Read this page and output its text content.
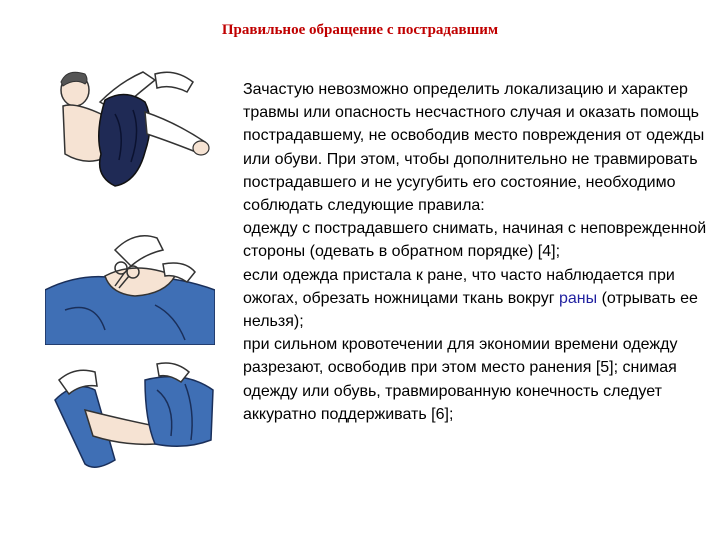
Правильное обращение с пострадавшим

Зачастую невозможно определить локализацию и характер травмы или опасность несчастного случая и оказать помощь пострадавшему, не освободив место повреждения от одежды или обуви. При этом, чтобы дополнительно не травмировать пострадавшего и не усугубить его состояние, необходимо соблюдать следующие правила:

одежду с пострадавшего снимать, начиная с неповрежденной стороны (одевать в обратном порядке) [4];

если одежда пристала к ране, что часто наблюдается при ожогах, обрезать ножницами ткань вокруг раны (отрывать ее нельзя);

при сильном кровотечении для экономии времени одежду разрезают, освободив при этом место ранения [5]; снимая одежду или обувь, травмированную конечность следует аккуратно поддерживать [6];
